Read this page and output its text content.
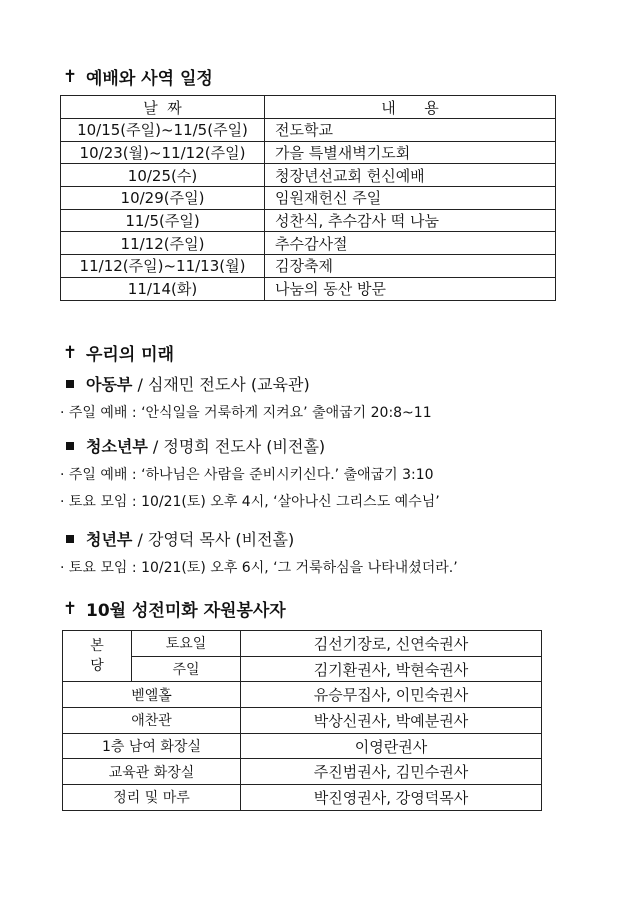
✝ 예배와 사역 일정
날  짜	내      용
10/15(주일)~11/5(주일)	전도학교
10/23(월)~11/12(주일)	가을 특별새벽기도회
10/25(수)	청장년선교회 헌신예배
10/29(주일)	임원재헌신 주일
11/5(주일)	성찬식, 추수감사 떡 나눔
11/12(주일)	추수감사절
11/12(주일)~11/13(월)	김장축제
11/14(화)	나눔의 동산 방문
✝ 우리의 미래
아동부 / 심재민 전도사 (교육관)
· 주일 예배 : ‘안식일을 거룩하게 지켜요’ 출애굽기 20:8~11
청소년부 / 정명희 전도사 (비전홀)
· 주일 예배 : ‘하나님은 사람을 준비시키신다.’ 출애굽기 3:10
· 토요 모임 : 10/21(토) 오후 4시, ‘살아나신 그리스도 예수님’
청년부 / 강영덕 목사 (비전홀)
· 토요 모임 : 10/21(토) 오후 6시, ‘그 거룩하심을 나타내셨더라.’
✝ 10월 성전미화 자원봉사자
본
당	토요일	김선기장로, 신연숙권사
	주일	김기환권사, 박현숙권사
벧엘홀		유승무집사, 이민숙권사
애찬관		박상신권사, 박예분권사
1층 남여 화장실		이영란권사
교육관 화장실		주진범권사, 김민수권사
정리 및 마루		박진영권사, 강영덕목사
